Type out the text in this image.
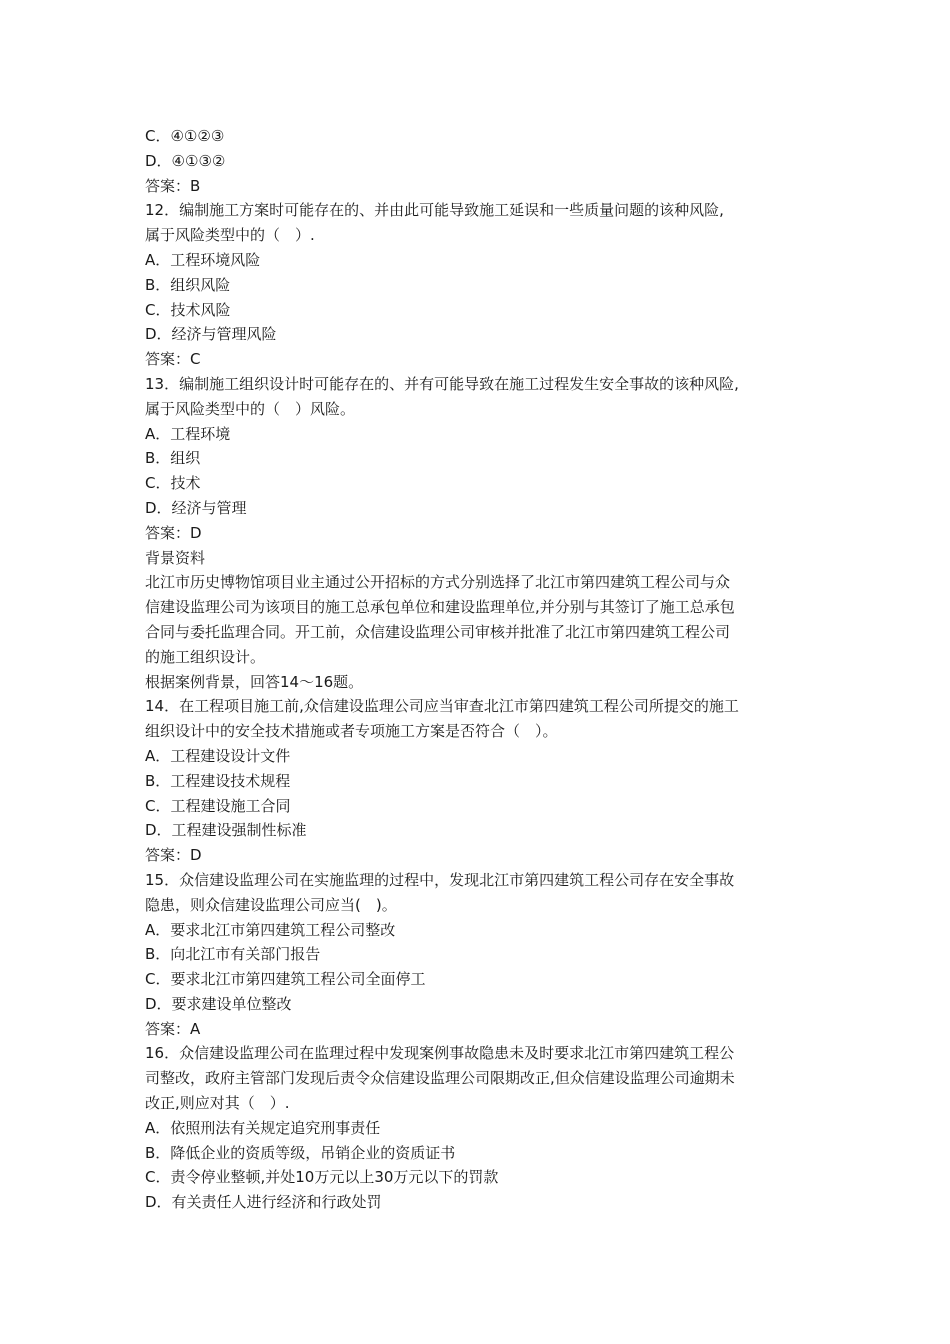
C．④①②③
D．④①③②
答案：B
12．编制施工方案时可能存在的、并由此可能导致施工延误和一些质量问题的该种风险,
属于风险类型中的（　）.
A．工程环境风险
B．组织风险
C．技术风险
D．经济与管理风险
答案：C
13．编制施工组织设计时可能存在的、并有可能导致在施工过程发生安全事故的该种风险,
属于风险类型中的（　）风险。
A．工程环境
B．组织
C．技术
D．经济与管理
答案：D
背景资料
北江市历史博物馆项目业主通过公开招标的方式分别选择了北江市第四建筑工程公司与众
信建设监理公司为该项目的施工总承包单位和建设监理单位,并分别与其签订了施工总承包
合同与委托监理合同。开工前，众信建设监理公司审核并批准了北江市第四建筑工程公司
的施工组织设计。
根据案例背景，回答14～16题。
14．在工程项目施工前,众信建设监理公司应当审查北江市第四建筑工程公司所提交的施工
组织设计中的安全技术措施或者专项施工方案是否符合（　）。
A．工程建设设计文件
B．工程建设技术规程
C．工程建设施工合同
D．工程建设强制性标准
答案：D
15．众信建设监理公司在实施监理的过程中，发现北江市第四建筑工程公司存在安全事故
隐患，则众信建设监理公司应当(　)。
A．要求北江市第四建筑工程公司整改
B．向北江市有关部门报告
C．要求北江市第四建筑工程公司全面停工
D．要求建设单位整改
答案：A
16．众信建设监理公司在监理过程中发现案例事故隐患未及时要求北江市第四建筑工程公
司整改，政府主管部门发现后责令众信建设监理公司限期改正,但众信建设监理公司逾期未
改正,则应对其（　）.
A．依照刑法有关规定追究刑事责任
B．降低企业的资质等级，吊销企业的资质证书
C．责令停业整顿,并处10万元以上30万元以下的罚款
D．有关责任人进行经济和行政处罚
